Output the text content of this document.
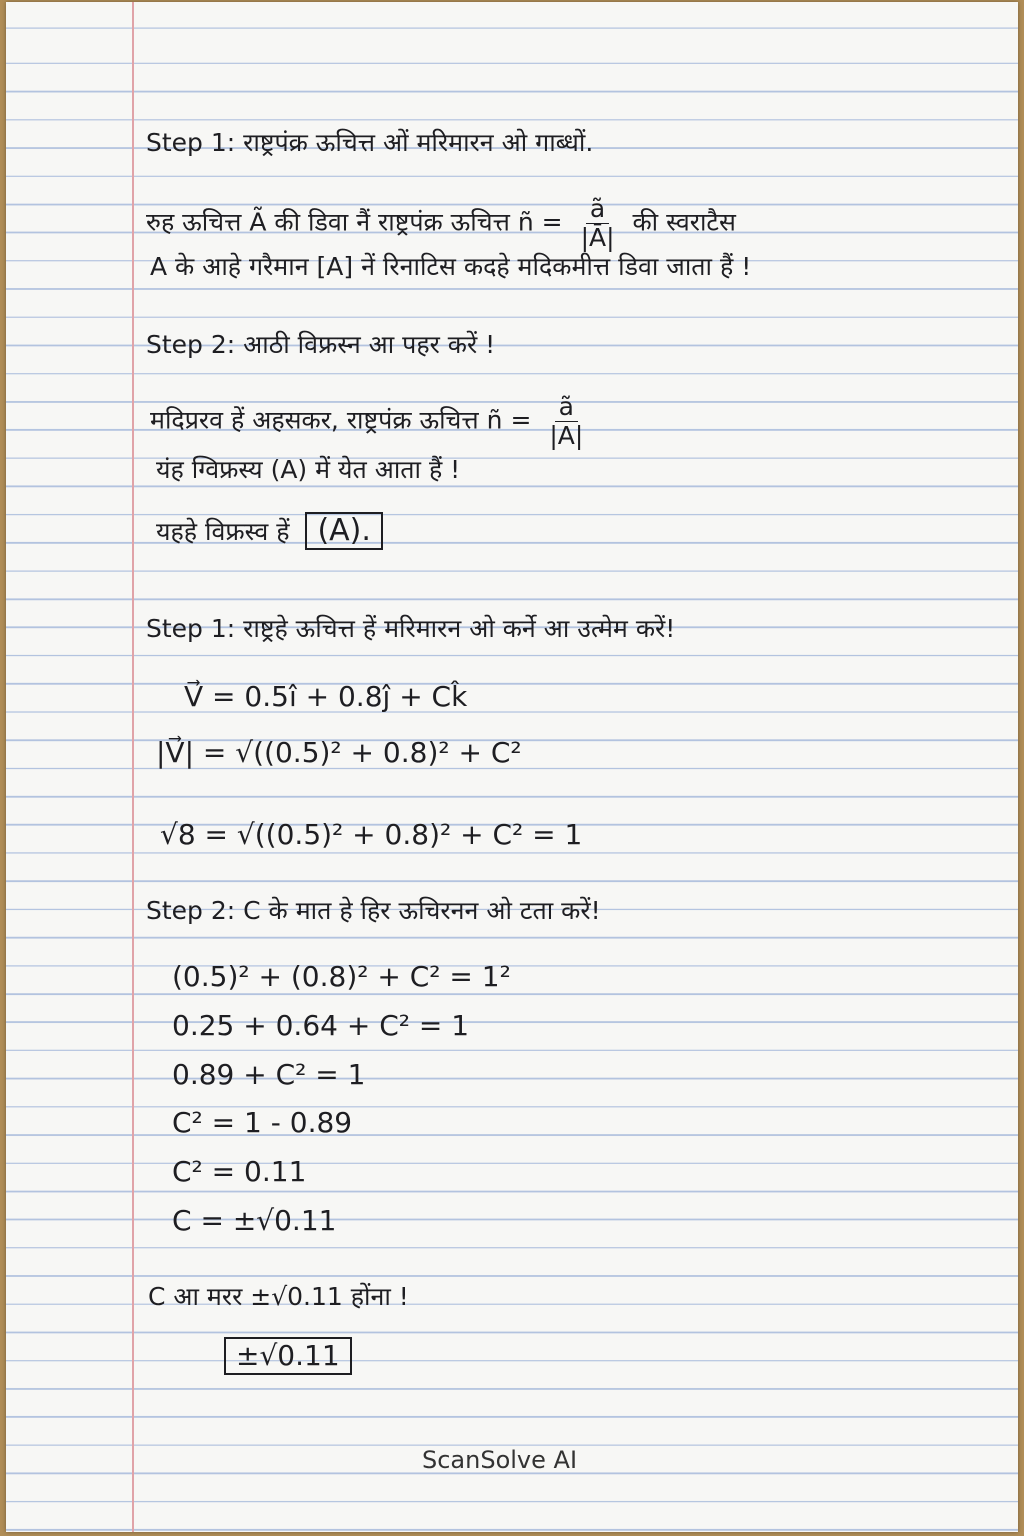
Step 1: राष्ट्रपंक्र ऊचित्त ओं मरिमारन ओ गाब्धों.
रुह ऊचित्त A͂ की डिवा नैं राष्ट्रपंक्र ऊचित्त n͂ = $\frac{a͂}{|Ā|}$ की स्वराटैस
A के आहे गरैमान [A] नें रिनाटिस कदहे मदिकमीत्त डिवा जाता हैं !
Step 2: आठी विफ्रस्न आ पहर करें !
मदिप्ररव हें अहसकर, राष्ट्रपंक्र ऊचित्त n͂ = $\frac{a͂}{|A|}$
यंह ग्विफ्रस्य (A) में येत आता हैं !
यहहे विफ्रस्व हें (A).
Step 1: राष्ट्रहे ऊचित्त हें मरिमारन ओ कर्ने आ उत्मेम करें!
V⃗ = 0.5î + 0.8ĵ + Ck̂
|V⃗| = √((0.5)² + 0.8)² + C²
√8 = √((0.5)² + 0.8)² + C² = 1
Step 2: C के मात हे हिर ऊचिरनन ओ टता करें!
(0.5)² + (0.8)² + C² = 1²
0.25 + 0.64 + C² = 1
0.89 + C² = 1
C² = 1 - 0.89
C² = 0.11
C = ±√0.11
C आ मरर ±√0.11 होंना !
±√0.11
ScanSolve AI
